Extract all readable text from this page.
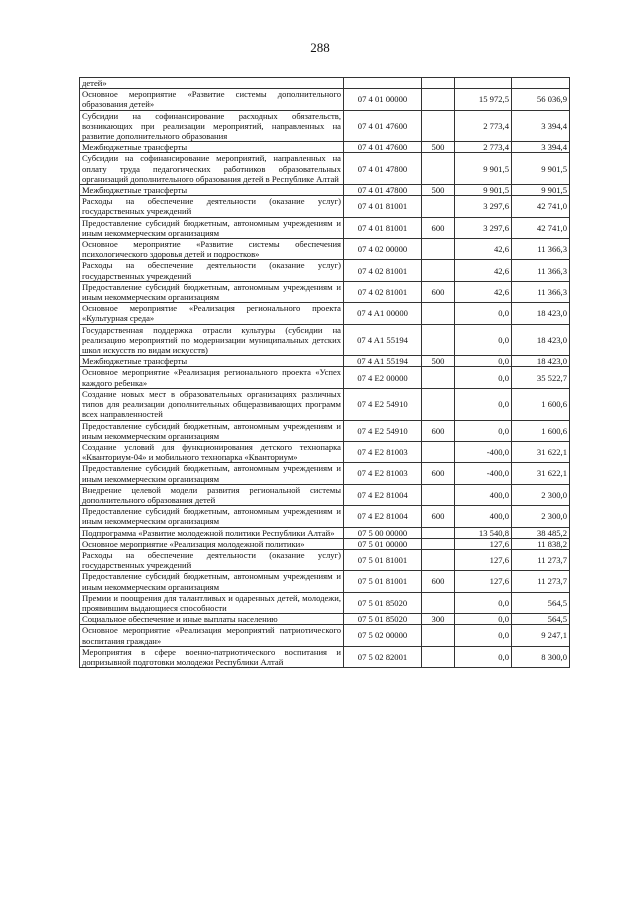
288
детей»				
Основное мероприятие «Развитие системы дополнительного образования детей»	07 4 01 00000		15 972,5	56 036,9
Субсидии на софинансирование расходных обязательств, возникающих при реализации мероприятий, направленных на развитие дополнительного образования	07 4 01 47600		2 773,4	3 394,4
Межбюджетные трансферты	07 4 01 47600	500	2 773,4	3 394,4
Субсидии на софинансирование мероприятий, направленных на оплату труда педагогических работников образовательных организаций дополнительного образования детей в Республике Алтай	07 4 01 47800		9 901,5	9 901,5
Межбюджетные трансферты	07 4 01 47800	500	9 901,5	9 901,5
Расходы на обеспечение деятельности (оказание услуг) государственных учреждений	07 4 01 81001		3 297,6	42 741,0
Предоставление субсидий бюджетным, автономным учреждениям и иным некоммерческим организациям	07 4 01 81001	600	3 297,6	42 741,0
Основное мероприятие «Развитие системы обеспечения психологического здоровья детей и подростков»	07 4 02 00000		42,6	11 366,3
Расходы на обеспечение деятельности (оказание услуг) государственных учреждений	07 4 02 81001		42,6	11 366,3
Предоставление субсидий бюджетным, автономным учреждениям и иным некоммерческим организациям	07 4 02 81001	600	42,6	11 366,3
Основное мероприятие «Реализация регионального проекта «Культурная среда»	07 4 A1 00000		0,0	18 423,0
Государственная поддержка отрасли культуры (субсидии на реализацию мероприятий по модернизации муниципальных детских школ искусств по видам искусств)	07 4 A1 55194		0,0	18 423,0
Межбюджетные трансферты	07 4 A1 55194	500	0,0	18 423,0
Основное мероприятие «Реализация регионального проекта «Успех каждого ребенка»	07 4 E2 00000		0,0	35 522,7
Создание новых мест в образовательных организациях различных типов для реализации дополнительных общеразвивающих программ всех направленностей	07 4 E2 54910		0,0	1 600,6
Предоставление субсидий бюджетным, автономным учреждениям и иным некоммерческим организациям	07 4 E2 54910	600	0,0	1 600,6
Создание условий для функционирования детского технопарка «Кванториум-04» и мобильного технопарка «Кванториум»	07 4 E2 81003		-400,0	31 622,1
Предоставление субсидий бюджетным, автономным учреждениям и иным некоммерческим организациям	07 4 E2 81003	600	-400,0	31 622,1
Внедрение целевой модели развития региональной системы дополнительного образования детей	07 4 E2 81004		400,0	2 300,0
Предоставление субсидий бюджетным, автономным учреждениям и иным некоммерческим организациям	07 4 E2 81004	600	400,0	2 300,0
Подпрограмма «Развитие молодежной политики Республики Алтай»	07 5 00 00000		13 540,8	38 485,2
Основное мероприятие «Реализация молодежной политики»	07 5 01 00000		127,6	11 838,2
Расходы на обеспечение деятельности (оказание услуг) государственных учреждений	07 5 01 81001		127,6	11 273,7
Предоставление субсидий бюджетным, автономным учреждениям и иным некоммерческим организациям	07 5 01 81001	600	127,6	11 273,7
Премии и поощрения для талантливых и одаренных детей, молодежи, проявившим выдающиеся способности	07 5 01 85020		0,0	564,5
Социальное обеспечение и иные выплаты населению	07 5 01 85020	300	0,0	564,5
Основное мероприятие «Реализация мероприятий патриотического воспитания граждан»	07 5 02 00000		0,0	9 247,1
Мероприятия в сфере военно-патриотического воспитания и допризывной подготовки молодежи Республики Алтай	07 5 02 82001		0,0	8 300,0
